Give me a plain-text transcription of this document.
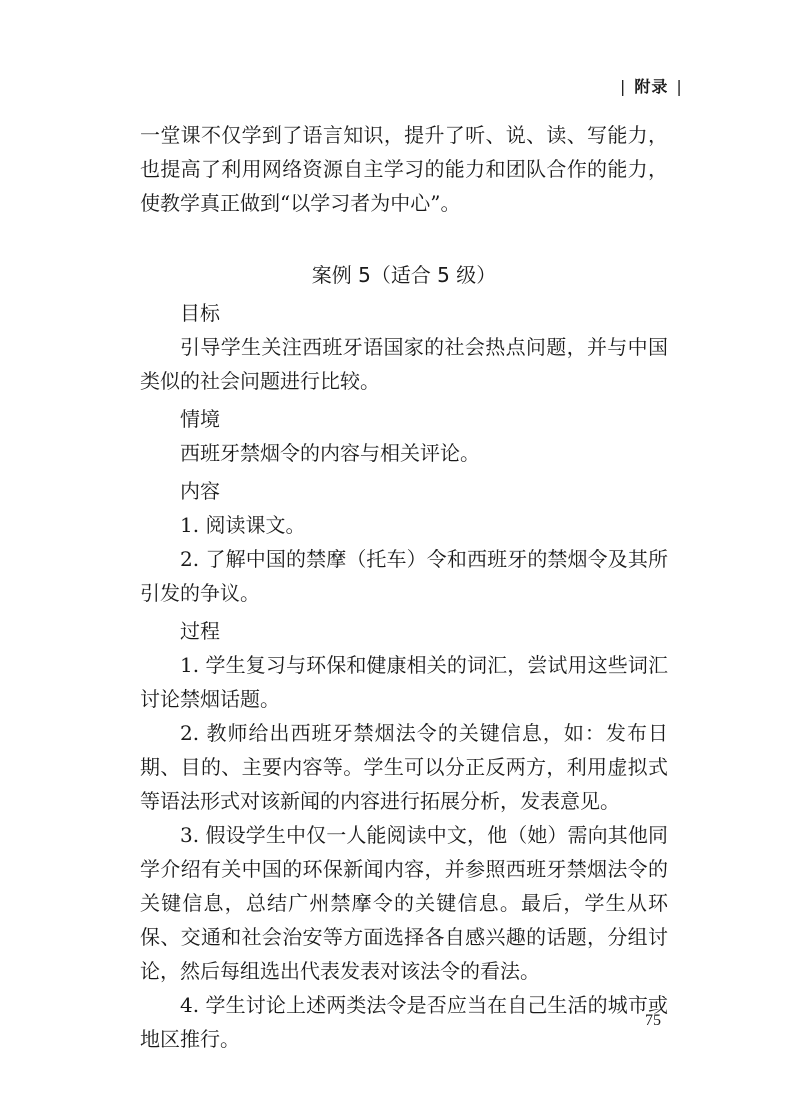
| 附录 |

一堂课不仅学到了语言知识，提升了听、说、读、写能力，也提高了利用网络资源自主学习的能力和团队合作的能力，使教学真正做到“以学习者为中心”。

案例 5（适合 5 级）
目标

引导学生关注西班牙语国家的社会热点问题，并与中国类似的社会问题进行比较。

情境

西班牙禁烟令的内容与相关评论。

内容

1. 阅读课文。

2. 了解中国的禁摩（托车）令和西班牙的禁烟令及其所引发的争议。

过程

1. 学生复习与环保和健康相关的词汇，尝试用这些词汇讨论禁烟话题。

2. 教师给出西班牙禁烟法令的关键信息，如：发布日期、目的、主要内容等。学生可以分正反两方，利用虚拟式等语法形式对该新闻的内容进行拓展分析，发表意见。

3. 假设学生中仅一人能阅读中文，他（她）需向其他同学介绍有关中国的环保新闻内容，并参照西班牙禁烟法令的关键信息，总结广州禁摩令的关键信息。最后，学生从环保、交通和社会治安等方面选择各自感兴趣的话题，分组讨论，然后每组选出代表发表对该法令的看法。

4. 学生讨论上述两类法令是否应当在自己生活的城市或地区推行。

75
